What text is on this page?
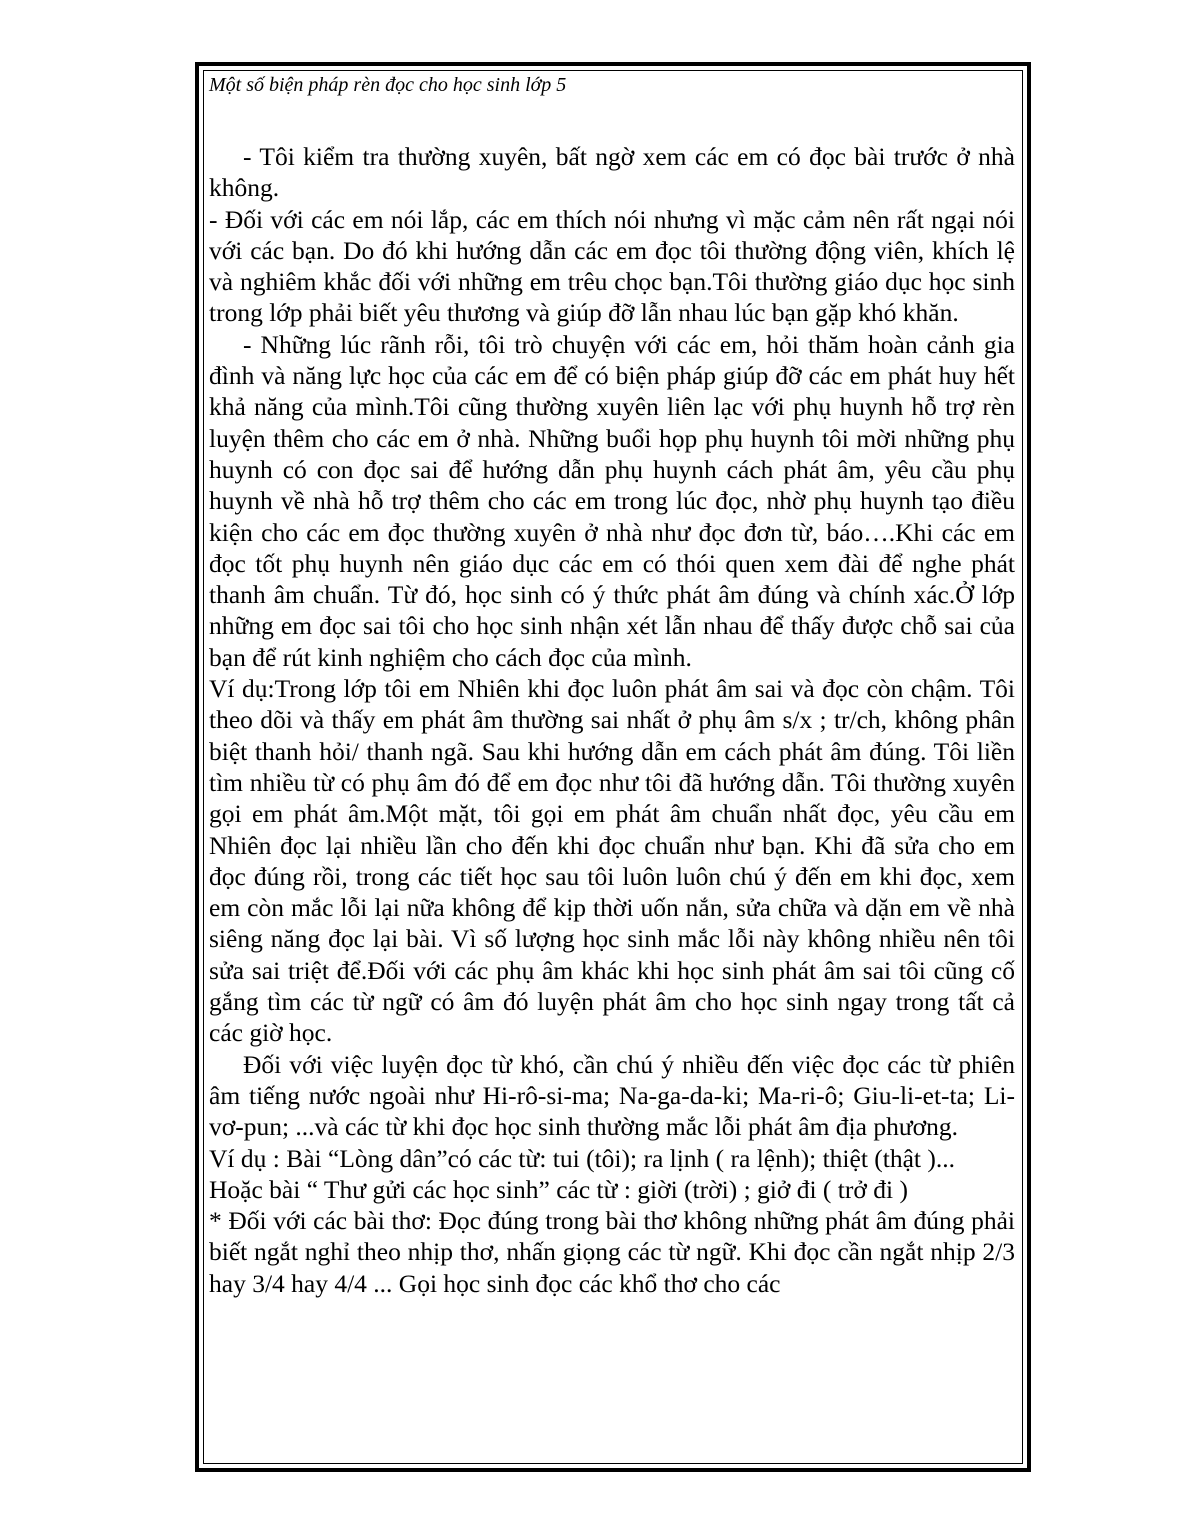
Một số biện pháp rèn đọc cho học sinh lớp 5

- Tôi kiểm tra thường xuyên, bất ngờ xem các em có đọc bài trước ở nhà không.

- Đối với các em nói lắp, các em thích nói nhưng vì mặc cảm nên rất ngại nói với các bạn. Do đó khi hướng dẫn các em đọc tôi thường động viên, khích lệ và nghiêm khắc đối với những em trêu chọc bạn.Tôi thường giáo dục học sinh trong lớp phải biết yêu thương và giúp đỡ lẫn nhau lúc bạn gặp khó khăn.

- Những lúc rãnh rỗi, tôi trò chuyện với các em, hỏi thăm hoàn cảnh gia đình và năng lực học của các em để có biện pháp giúp đỡ các em phát huy hết khả năng của mình.Tôi cũng thường xuyên liên lạc với phụ huynh hỗ trợ rèn luyện thêm cho các em ở nhà. Những buổi họp phụ huynh tôi mời những phụ huynh có con đọc sai để hướng dẫn phụ huynh cách phát âm, yêu cầu phụ huynh về nhà hỗ trợ thêm cho các em trong lúc đọc, nhờ phụ huynh tạo điều kiện cho các em đọc thường xuyên ở nhà như đọc đơn từ, báo….Khi các em đọc tốt phụ huynh nên giáo dục các em có thói quen xem đài để nghe phát thanh âm chuẩn. Từ đó, học sinh có ý thức phát âm đúng và chính xác.Ở lớp những em đọc sai tôi cho học sinh nhận xét lẫn nhau để thấy được chỗ sai của bạn để rút kinh nghiệm cho cách đọc của mình.

Ví dụ:Trong lớp tôi em Nhiên khi đọc luôn phát âm sai và đọc còn chậm. Tôi theo dõi và thấy em phát âm thường sai nhất ở phụ âm s/x ; tr/ch, không phân biệt thanh hỏi/ thanh ngã. Sau khi hướng dẫn em cách phát âm đúng. Tôi liền tìm nhiều từ có phụ âm đó để em đọc như tôi đã hướng dẫn. Tôi thường xuyên gọi em phát âm.Một mặt, tôi gọi em phát âm chuẩn nhất đọc, yêu cầu em Nhiên đọc lại nhiều lần cho đến khi đọc chuẩn như bạn. Khi đã sửa cho em đọc đúng rồi, trong các tiết học sau tôi luôn luôn chú ý đến em khi đọc, xem em còn mắc lỗi lại nữa không để kịp thời uốn nắn, sửa chữa và dặn em về nhà siêng năng đọc lại bài. Vì số lượng học sinh mắc lỗi này không nhiều nên tôi sửa sai triệt để.Đối với các phụ âm khác khi học sinh phát âm sai tôi cũng cố gắng tìm các từ ngữ có âm đó luyện phát âm cho học sinh ngay trong tất cả các giờ học.

Đối với việc luyện đọc từ khó, cần chú ý nhiều đến việc đọc các từ phiên âm tiếng nước ngoài như Hi-rô-si-ma; Na-ga-da-ki; Ma-ri-ô; Giu-li-et-ta; Li-vơ-pun; ...và các từ khi đọc học sinh thường mắc lỗi phát âm địa phương.

Ví dụ : Bài “Lòng dân”có các từ: tui (tôi); ra lịnh ( ra lệnh); thiệt (thật )...

Hoặc bài “ Thư gửi các học sinh” các từ : giời (trời) ; giở đi ( trở đi )

* Đối với các bài thơ: Đọc đúng trong bài thơ không những phát âm đúng phải biết ngắt nghỉ theo nhịp thơ, nhấn giọng các từ ngữ. Khi đọc cần ngắt nhịp 2/3 hay 3/4 hay 4/4 ... Gọi học sinh đọc các khổ thơ cho các
